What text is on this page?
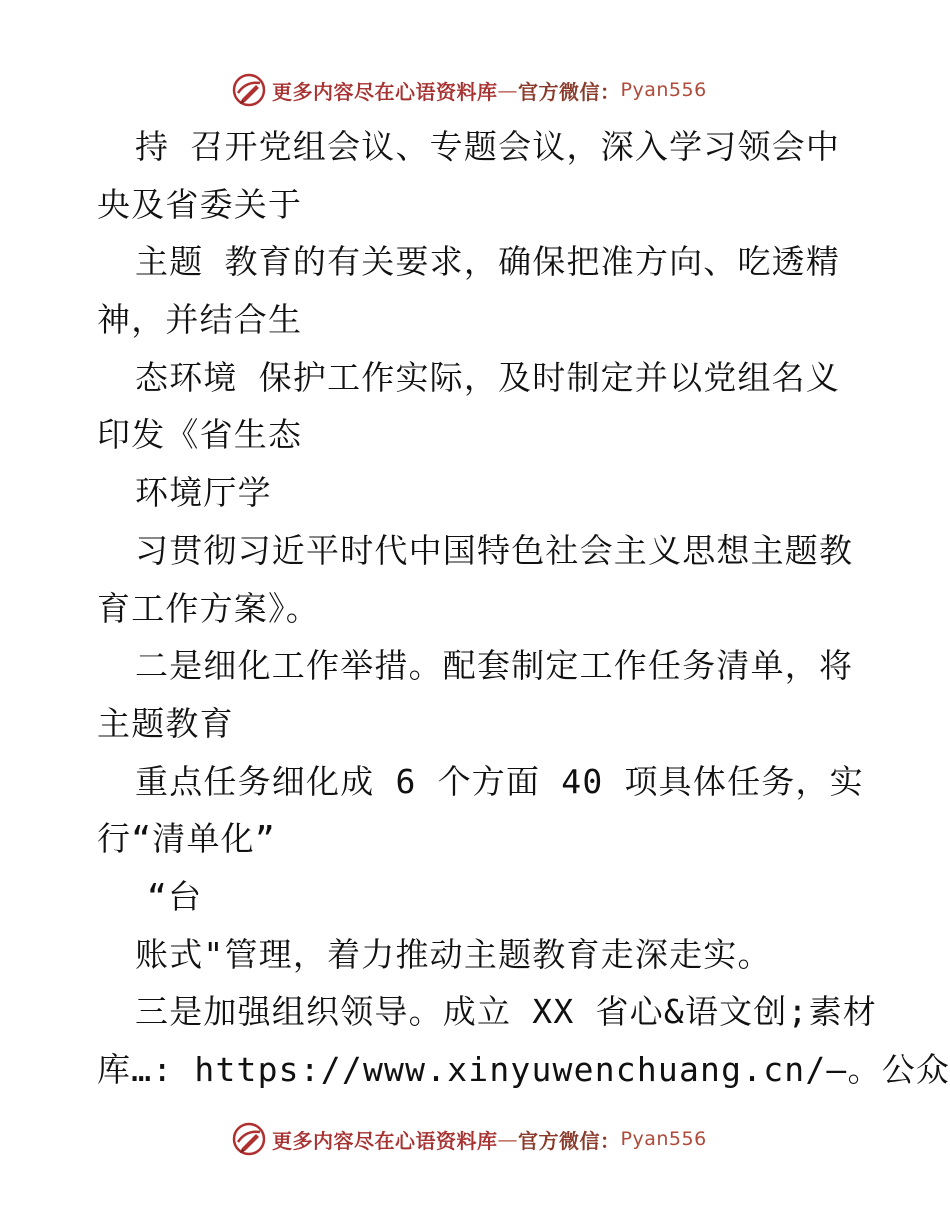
更多内容尽在心语资料库 — 官方微信： Pyan556
持 召开党组会议、专题会议，深入学习领会中
央及省委关于
主题 教育的有关要求，确保把准方向、吃透精
神，并结合生
态环境 保护工作实际，及时制定并以党组名义
印发《省生态
环境厅学
习贯彻习近平时代中国特色社会主义思想主题教
育工作方案》。
二是细化工作举措。配套制定工作任务清单，将
主题教育
重点任务细化成 6 个方面 40 项具体任务，实
行“清单化”
“台
账式"管理，着力推动主题教育走深走实。
三是加强组织领导。成立 XX 省心&语文创;素材
库…: https://www.xinyuwenchuang.cn/—。公众
更多内容尽在心语资料库 — 官方微信： Pyan556
